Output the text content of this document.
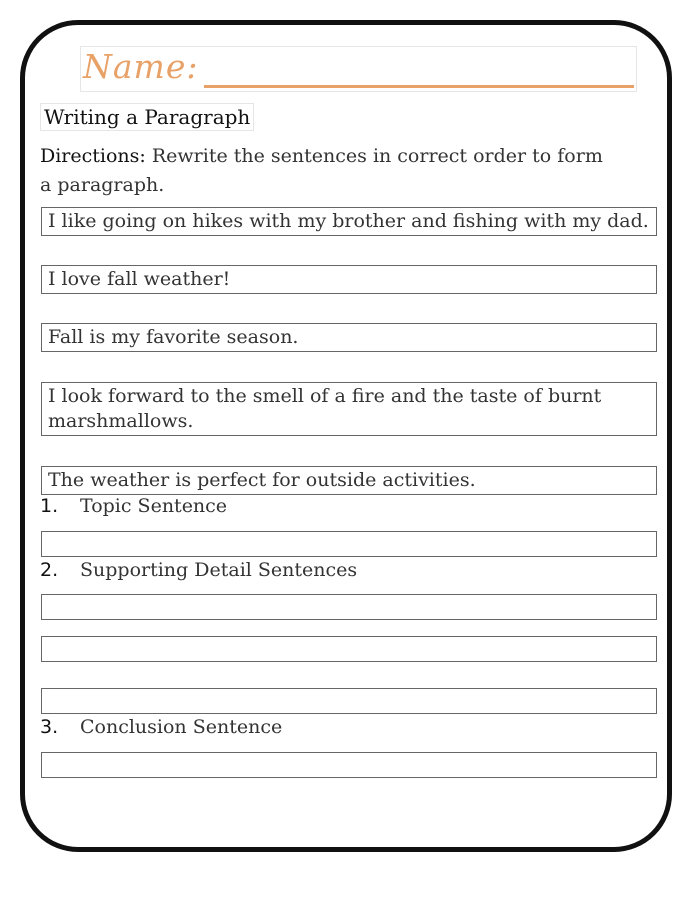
Name:
Writing a Paragraph
Directions: Rewrite the sentences in correct order to form a paragraph.
I like going on hikes with my brother and fishing with my dad.
I love fall weather!
Fall is my favorite season.
I look forward to the smell of a fire and the taste of burnt marshmallows.
The weather is perfect for outside activities.
1. Topic Sentence
2. Supporting Detail Sentences
3. Conclusion Sentence
